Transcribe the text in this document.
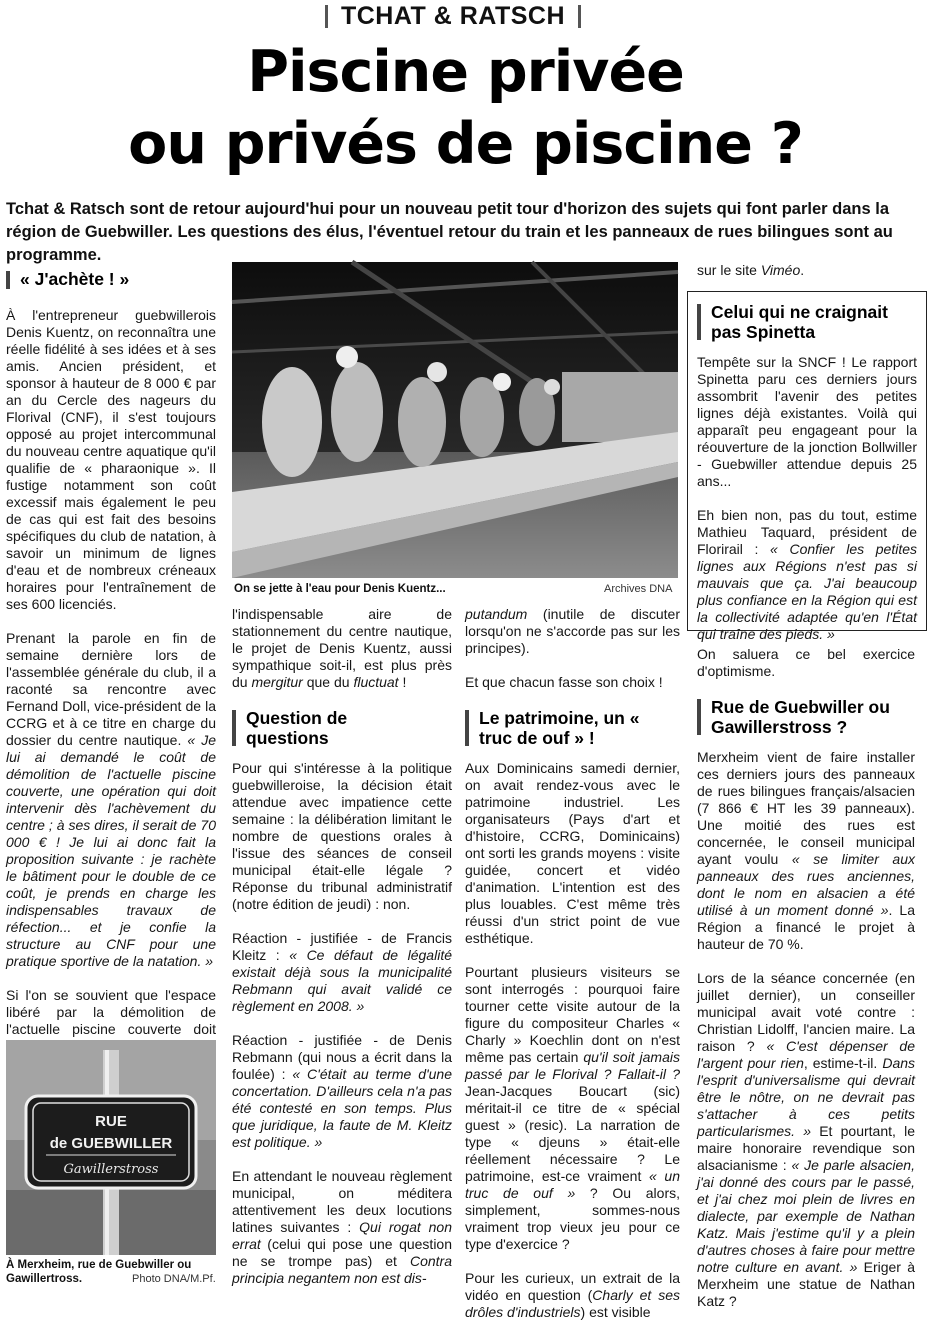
TCHAT & RATSCH
Piscine privée
ou privés de piscine ?
Tchat & Ratsch sont de retour aujourd'hui pour un nouveau petit tour d'horizon des sujets qui font parler dans la région de Guebwiller. Les questions des élus, l'éventuel retour du train et les panneaux de rues bilingues sont au programme.
« J'achète ! »

À l'entrepreneur guebwillerois Denis Kuentz, on reconnaîtra une réelle fidélité à ses idées et à ses amis. Ancien président, et sponsor à hauteur de 8 000 € par an du Cercle des nageurs du Florival (CNF), il s'est toujours opposé au projet intercommunal du nouveau centre aquatique qu'il qualifie de « pharaonique ». Il fustige notamment son coût excessif mais également le peu de cas qui est fait des besoins spécifiques du club de natation, à savoir un minimum de lignes d'eau et de nombreux créneaux horaires pour l'entraînement de ses 600 licenciés.

Prenant la parole en fin de semaine dernière lors de l'assemblée générale du club, il a raconté sa rencontre avec Fernand Doll, vice-président de la CCRG et à ce titre en charge du dossier du centre nautique. « Je lui ai demandé le coût de démolition de l'actuelle piscine couverte, une opération qui doit intervenir dès l'achèvement du centre ; à ses dires, il serait de 70 000 € ! Je lui ai donc fait la proposition suivante : je rachète le bâtiment pour le double de ce coût, je prends en charge les indispensables travaux de réfection... et je confie la structure au CNF pour une pratique sportive de la natation. »

Si l'on se souvient que l'espace libéré par la démolition de l'actuelle piscine couverte doit

RUE
de GUEBWILLER
Gawillerstross
À Merxheim, rue de Guebwiller ou Gawillertross.	Photo DNA/M.Pf.
On se jette à l'eau pour Denis Kuentz...	Archives DNA

l'indispensable aire de stationnement du centre nautique, le projet de Denis Kuentz, aussi sympathique soit-il, est plus près du mergitur que du fluctuat !

Question de questions

Pour qui s'intéresse à la politique guebwilleroise, la décision était attendue avec impatience cette semaine : la délibération limitant le nombre de questions orales à l'issue des séances de conseil municipal était-elle légale ? Réponse du tribunal administratif (notre édition de jeudi) : non.

Réaction - justifiée - de Francis Kleitz : « Ce défaut de légalité existait déjà sous la municipalité Rebmann qui avait validé ce règlement en 2008. »

Réaction - justifiée - de Denis Rebmann (qui nous a écrit dans la foulée) : « C'était au terme d'une concertation. D'ailleurs cela n'a pas été contesté en son temps. Plus que juridique, la faute de M. Kleitz est politique. »

En attendant le nouveau règlement municipal, on méditera attentivement les deux locutions latines suivantes : Qui rogat non errat (celui qui pose une question ne se trompe pas) et Contra principia negantem non est dis-

putandum (inutile de discuter lorsqu'on ne s'accorde pas sur les principes).

Et que chacun fasse son choix !

Le patrimoine, un « truc de ouf » !

Aux Dominicains samedi dernier, on avait rendez-vous avec le patrimoine industriel. Les organisateurs (Pays d'art et d'histoire, CCRG, Dominicains) ont sorti les grands moyens : visite guidée, concert et vidéo d'animation. L'intention est des plus louables. C'est même très réussi d'un strict point de vue esthétique.

Pourtant plusieurs visiteurs se sont interrogés : pourquoi faire tourner cette visite autour de la figure du compositeur Charles « Charly » Koechlin dont on n'est même pas certain qu'il soit jamais passé par le Florival ? Fallait-il ? Jean-Jacques Boucart (sic) méritait-il ce titre de « spécial guest » (resic). La narration de type « djeuns » était-elle réellement nécessaire ? Le patrimoine, est-ce vraiment « un truc de ouf » ? Ou alors, simplement, sommes-nous vraiment trop vieux jeu pour ce type d'exercice ?

Pour les curieux, un extrait de la vidéo en question (Charly et ses drôles d'industriels) est visible

sur le site Viméo.

Celui qui ne craignait pas Spinetta

Tempête sur la SNCF ! Le rapport Spinetta paru ces derniers jours assombrit l'avenir des petites lignes déjà existantes. Voilà qui apparaît peu engageant pour la réouverture de la jonction Bollwiller - Guebwiller attendue depuis 25 ans...

Eh bien non, pas du tout, estime Mathieu Taquard, président de Florirail : « Confier les petites lignes aux Régions n'est pas si mauvais que ça. J'ai beaucoup plus confiance en la Région qui est la collectivité adaptée qu'en l'État qui traîne des pieds. »

On saluera ce bel exercice d'optimisme.

Rue de Guebwiller ou Gawillerstross ?

Merxheim vient de faire installer ces derniers jours des panneaux de rues bilingues français/alsacien (7 866 € HT les 39 panneaux). Une moitié des rues est concernée, le conseil municipal ayant voulu « se limiter aux panneaux des rues anciennes, dont le nom en alsacien a été utilisé à un moment donné ». La Région a financé le projet à hauteur de 70 %.

Lors de la séance concernée (en juillet dernier), un conseiller municipal avait voté contre : Christian Lidolff, l'ancien maire. La raison ? « C'est dépenser de l'argent pour rien, estime-t-il. Dans l'esprit d'universalisme qui devrait être le nôtre, on ne devrait pas s'attacher à ces petits particularismes. » Et pourtant, le maire honoraire revendique son alsacianisme : « Je parle alsacien, j'ai donné des cours par le passé, et j'ai chez moi plein de livres en dialecte, par exemple de Nathan Katz. Mais j'estime qu'il y a plein d'autres choses à faire pour mettre notre culture en avant. » Eriger à Merxheim une statue de Nathan Katz ?
